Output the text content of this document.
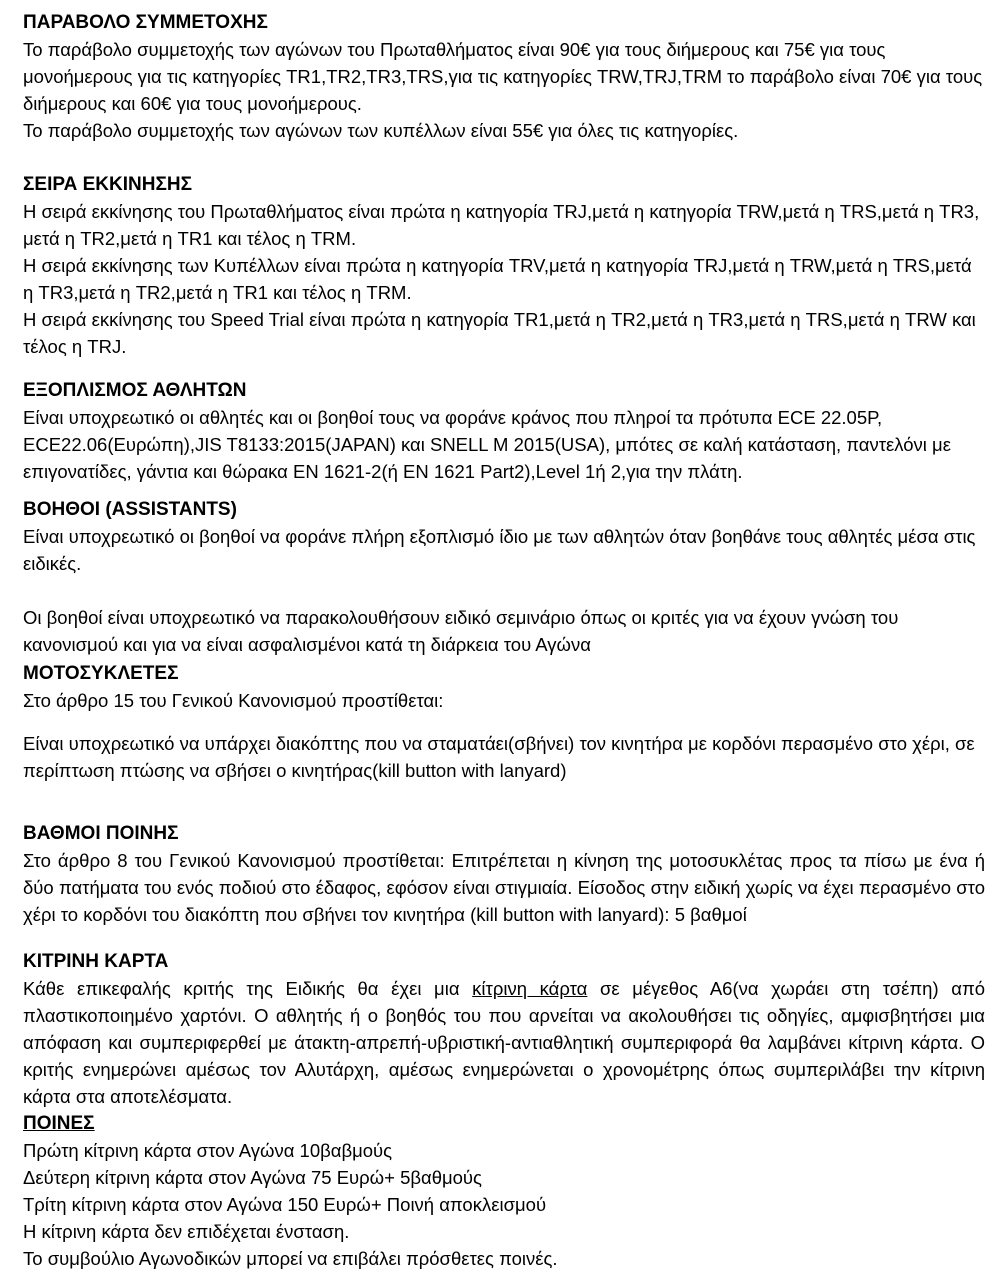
ΠΑΡΑΒΟΛΟ ΣΥΜΜΕΤΟΧΗΣ

Το παράβολο συμμετοχής των αγώνων του Πρωταθλήματος είναι 90€ για τους διήμερους και 75€ για τους μονοήμερους για τις κατηγορίες TR1,TR2,TR3,TRS,για τις κατηγορίες TRW,TRJ,TRM το παράβολο είναι 70€ για τους διήμερους και 60€ για τους μονοήμερους.

Το παράβολο συμμετοχής των αγώνων των κυπέλλων είναι 55€ για όλες τις κατηγορίες.

ΣΕΙΡΑ ΕΚΚΙΝΗΣΗΣ

Η σειρά εκκίνησης του Πρωταθλήματος είναι πρώτα η κατηγορία TRJ,μετά η κατηγορία TRW,μετά η TRS,μετά η TR3, μετά η TR2,μετά η TR1 και τέλος η TRM.

Η σειρά εκκίνησης των Κυπέλλων είναι πρώτα η κατηγορία TRV,μετά η κατηγορία TRJ,μετά η TRW,μετά η TRS,μετά η TR3,μετά η TR2,μετά η TR1 και τέλος η TRM.

Η σειρά εκκίνησης του Speed Trial είναι πρώτα η κατηγορία TR1,μετά η TR2,μετά η TR3,μετά η TRS,μετά η TRW και τέλος η TRJ.

ΕΞΟΠΛΙΣΜΟΣ ΑΘΛΗΤΩΝ

Είναι υποχρεωτικό οι αθλητές και οι βοηθοί τους να φοράνε κράνος που πληροί τα πρότυπα ECE 22.05P, ECE22.06(Ευρώπη),JIS T8133:2015(JAPAN) και SNELL M 2015(USA), μπότες σε καλή κατάσταση, παντελόνι με επιγονατίδες, γάντια και θώρακα EN 1621-2(ή EN 1621 Part2),Level 1ή 2,για την πλάτη.

ΒΟΗΘΟΙ (ASSISTANTS)

Είναι υποχρεωτικό οι βοηθοί να φοράνε πλήρη εξοπλισμό ίδιο με των αθλητών όταν βοηθάνε τους αθλητές μέσα στις ειδικές.

Οι βοηθοί είναι υποχρεωτικό να παρακολουθήσουν ειδικό σεμινάριο όπως οι κριτές για να έχουν γνώση του κανονισμού και για να είναι ασφαλισμένοι κατά τη διάρκεια του Αγώνα

ΜΟΤΟΣΥΚΛΕΤΕΣ

Στο άρθρο 15 του Γενικού Κανονισμού προστίθεται:

Είναι υποχρεωτικό να υπάρχει διακόπτης που να σταματάει(σβήνει) τον κινητήρα με κορδόνι περασμένο στο χέρι, σε περίπτωση πτώσης να σβήσει ο κινητήρας(kill button with lanyard)

ΒΑΘΜΟΙ ΠΟΙΝΗΣ

Στο άρθρο 8 του Γενικού Κανονισμού προστίθεται: Επιτρέπεται η κίνηση της μοτοσυκλέτας προς τα πίσω με ένα ή δύο πατήματα του ενός ποδιού στο έδαφος, εφόσον είναι στιγμιαία. Είσοδος στην ειδική χωρίς να έχει περασμένο στο χέρι το κορδόνι του διακόπτη που σβήνει τον κινητήρα (kill button with lanyard): 5 βαθμοί

ΚΙΤΡΙΝΗ ΚΑΡΤΑ

Κάθε επικεφαλής κριτής της Ειδικής θα έχει μια κίτρινη κάρτα σε μέγεθος Α6(να χωράει στη τσέπη) από πλαστικοποιημένο χαρτόνι. Ο αθλητής ή ο βοηθός του που αρνείται να ακολουθήσει τις οδηγίες, αμφισβητήσει μια απόφαση και συμπεριφερθεί με άτακτη-απρεπή-υβριστική-αντιαθλητική συμπεριφορά θα λαμβάνει κίτρινη κάρτα. Ο κριτής ενημερώνει αμέσως τον Αλυτάρχη, αμέσως ενημερώνεται ο χρονομέτρης όπως συμπεριλάβει την κίτρινη κάρτα στα αποτελέσματα.

ΠΟΙΝΕΣ

Πρώτη κίτρινη κάρτα στον Αγώνα 10βαβμούς

Δεύτερη κίτρινη κάρτα στον Αγώνα 75 Ευρώ+ 5βαθμούς

Τρίτη κίτρινη κάρτα στον Αγώνα 150 Ευρώ+ Ποινή αποκλεισμού

Η κίτρινη κάρτα δεν επιδέχεται ένσταση.

Το συμβούλιο Αγωνοδικών μπορεί να επιβάλει πρόσθετες ποινές.
